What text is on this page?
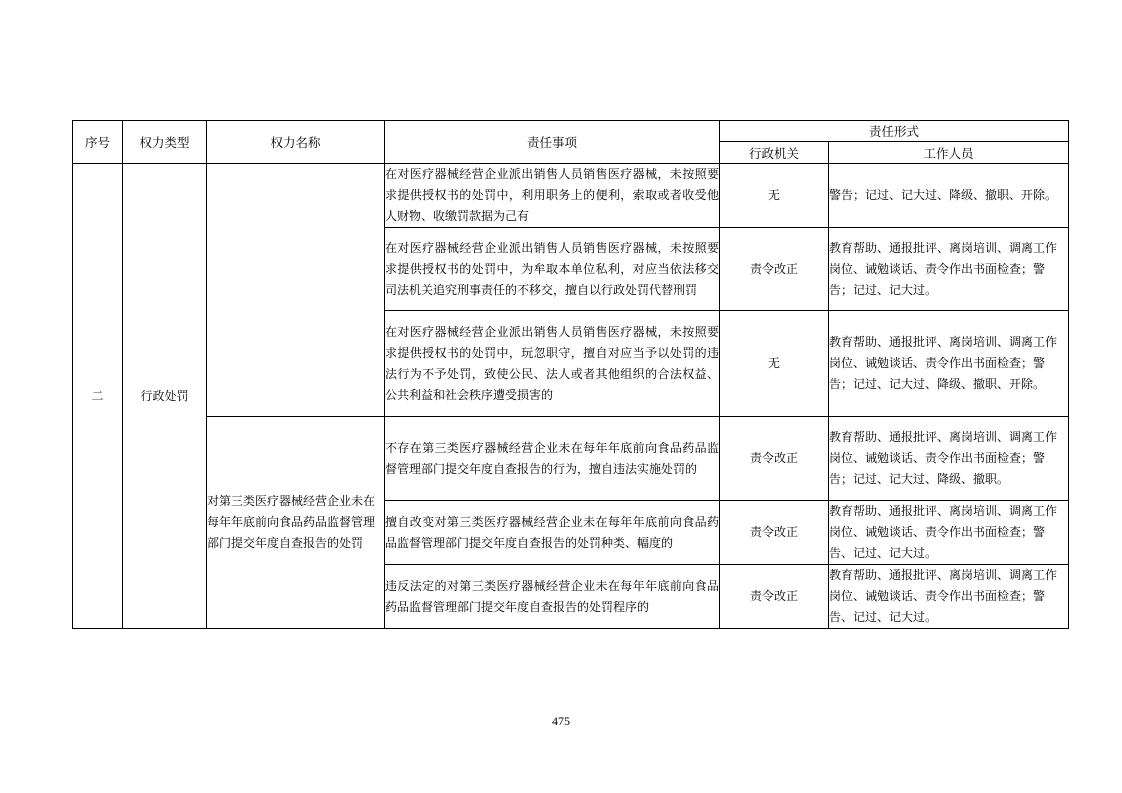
序号	权力类型	权力名称	责任事项	责任形式	
				行政机关	工作人员
二	行政处罚		在对医疗器械经营企业派出销售人员销售医疗器械，未按照要求提供授权书的处罚中，利用职务上的便利，索取或者收受他人财物、收缴罚款据为己有	无	警告；记过、记大过、降级、撤职、开除。
			在对医疗器械经营企业派出销售人员销售医疗器械，未按照要求提供授权书的处罚中，为牟取本单位私利，对应当依法移交司法机关追究刑事责任的不移交，擅自以行政处罚代替刑罚	责令改正	教育帮助、通报批评、离岗培训、调离工作岗位、诫勉谈话、责令作出书面检查；警告；记过、记大过。
			在对医疗器械经营企业派出销售人员销售医疗器械，未按照要求提供授权书的处罚中，玩忽职守，擅自对应当予以处罚的违法行为不予处罚，致使公民、法人或者其他组织的合法权益、公共利益和社会秩序遭受损害的	无	教育帮助、通报批评、离岗培训、调离工作岗位、诫勉谈话、责令作出书面检查；警告；记过、记大过、降级、撤职、开除。
		对第三类医疗器械经营企业未在每年年底前向食品药品监督管理部门提交年度自查报告的处罚	不存在第三类医疗器械经营企业未在每年年底前向食品药品监督管理部门提交年度自查报告的行为，擅自违法实施处罚的	责令改正	教育帮助、通报批评、离岗培训、调离工作岗位、诫勉谈话、责令作出书面检查；警告；记过、记大过、降级、撤职。
			擅自改变对第三类医疗器械经营企业未在每年年底前向食品药品监督管理部门提交年度自查报告的处罚种类、幅度的	责令改正	教育帮助、通报批评、离岗培训、调离工作岗位、诫勉谈话、责令作出书面检查；警告、记过、记大过。
			违反法定的对第三类医疗器械经营企业未在每年年底前向食品药品监督管理部门提交年度自查报告的处罚程序的	责令改正	教育帮助、通报批评、离岗培训、调离工作岗位、诫勉谈话、责令作出书面检查；警告、记过、记大过。
475
